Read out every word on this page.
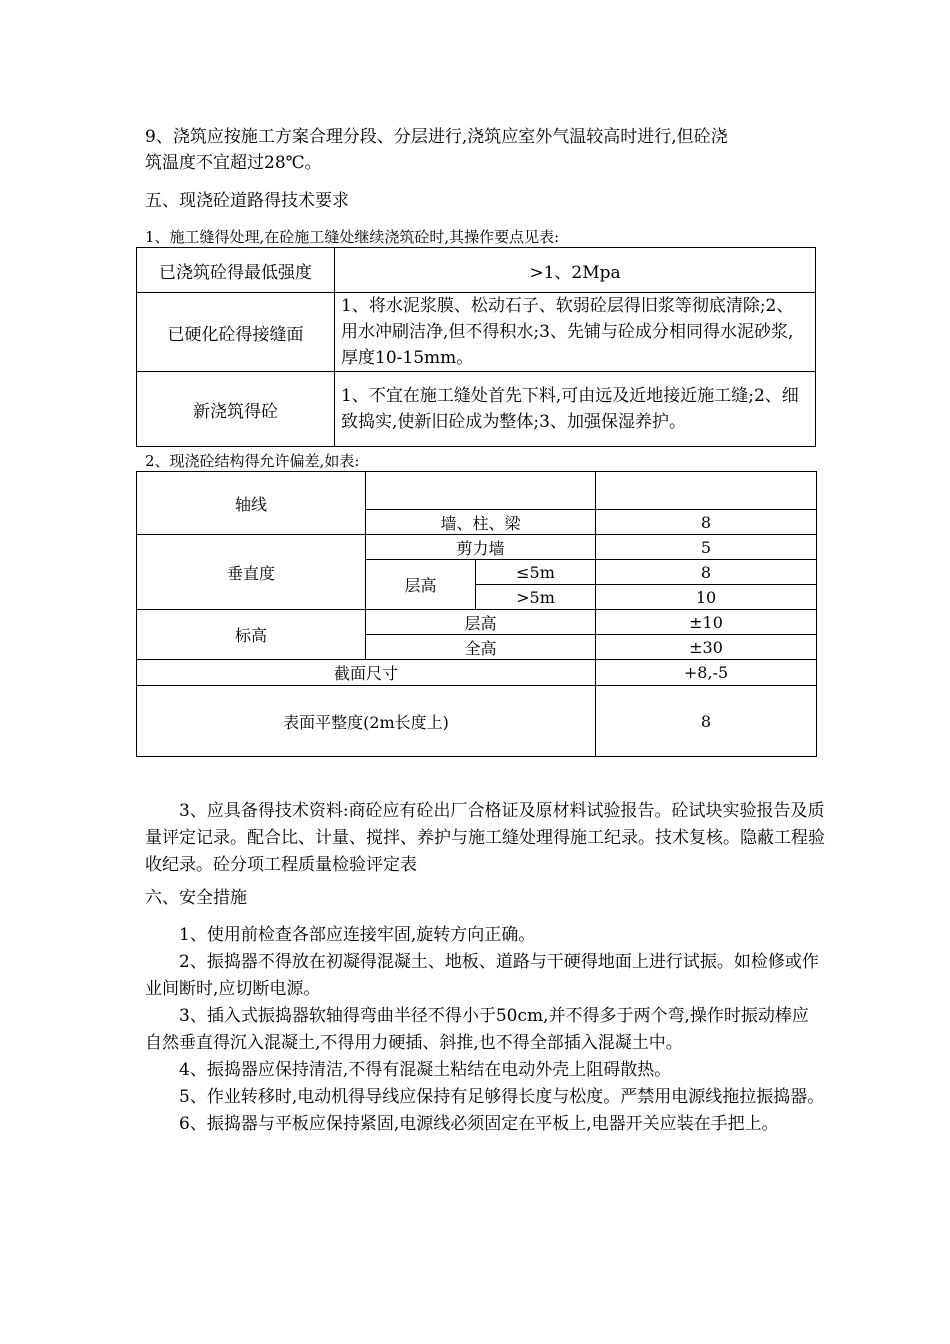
9、浇筑应按施工方案合理分段、分层进行,浇筑应室外气温较高时进行,但砼浇
筑温度不宜超过28℃。
五、现浇砼道路得技术要求
1、施工缝得处理,在砼施工缝处继续浇筑砼时,其操作要点见表:
已浇筑砼得最低强度	>1、2Mpa
已硬化砼得接缝面	1、将水泥浆膜、松动石子、软弱砼层得旧浆等彻底清除;2、用水冲刷洁净,但不得积水;3、先铺与砼成分相同得水泥砂浆,厚度10-15mm。
新浇筑得砼	1、不宜在施工缝处首先下料,可由远及近地接近施工缝;2、细致捣实,使新旧砼成为整体;3、加强保湿养护。
2、现浇砼结构得允许偏差,如表:
轴线			
	墙、柱、梁		8
垂直度	剪力墙		5
	层高	≤5m	8
		>5m	10
标高	层高		±10
	全高		±30
截面尺寸			+8,-5
表面平整度(2m长度上)			8
3、应具备得技术资料:商砼应有砼出厂合格证及原材料试验报告。砼试块实验报告及质量评定记录。配合比、计量、搅拌、养护与施工缝处理得施工纪录。技术复核。隐蔽工程验收纪录。砼分项工程质量检验评定表
六、安全措施
1、使用前检查各部应连接牢固,旋转方向正确。
2、振捣器不得放在初凝得混凝土、地板、道路与干硬得地面上进行试振。如检修或作业间断时,应切断电源。
3、插入式振捣器软轴得弯曲半径不得小于50cm,并不得多于两个弯,操作时振动棒应自然垂直得沉入混凝土,不得用力硬插、斜推,也不得全部插入混凝土中。
4、振捣器应保持清洁,不得有混凝土粘结在电动外壳上阻碍散热。
5、作业转移时,电动机得导线应保持有足够得长度与松度。严禁用电源线拖拉振捣器。
6、振捣器与平板应保持紧固,电源线必须固定在平板上,电器开关应装在手把上。
